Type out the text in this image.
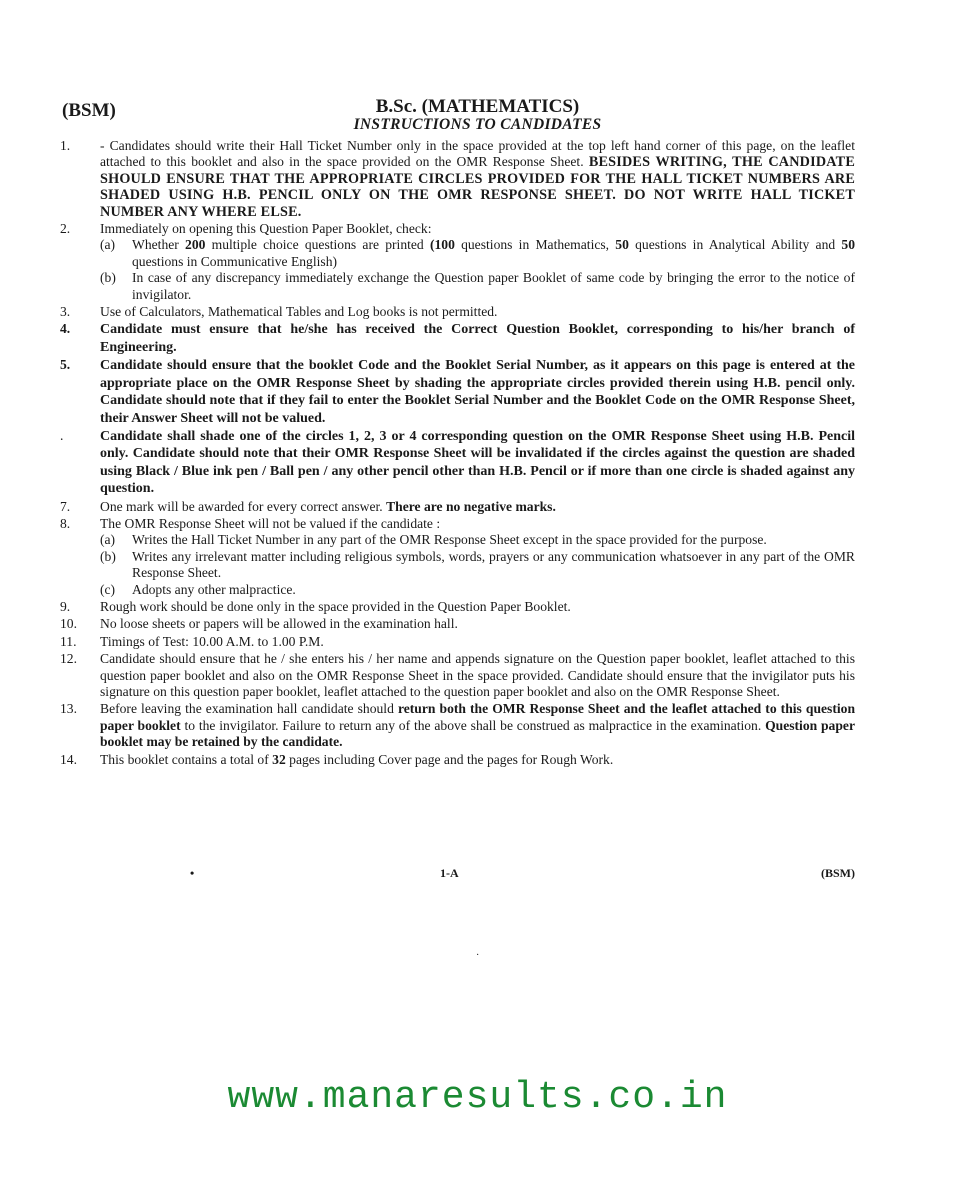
(BSM)	B.Sc. (MATHEMATICS)
INSTRUCTIONS TO CANDIDATES
1.	- Candidates should write their Hall Ticket Number only in the space provided at the top left hand corner of this page, on the leaflet attached to this booklet and also in the space provided on the OMR Response Sheet. BESIDES WRITING, THE CANDIDATE SHOULD ENSURE THAT THE APPROPRIATE CIRCLES PROVIDED FOR THE HALL TICKET NUMBERS ARE SHADED USING H.B. PENCIL ONLY ON THE OMR RESPONSE SHEET. DO NOT WRITE HALL TICKET NUMBER ANY WHERE ELSE.
2.	Immediately on opening this Question Paper Booklet, check:
(a) Whether 200 multiple choice questions are printed (100 questions in Mathematics, 50 questions in Analytical Ability and 50 questions in Communicative English)
(b) In case of any discrepancy immediately exchange the Question paper Booklet of same code by bringing the error to the notice of invigilator.
3.	Use of Calculators, Mathematical Tables and Log books is not permitted.
4.	Candidate must ensure that he/she has received the Correct Question Booklet, corresponding to his/her branch of Engineering.
5.	Candidate should ensure that the booklet Code and the Booklet Serial Number, as it appears on this page is entered at the appropriate place on the OMR Response Sheet by shading the appropriate circles provided therein using H.B. pencil only. Candidate should note that if they fail to enter the Booklet Serial Number and the Booklet Code on the OMR Response Sheet, their Answer Sheet will not be valued.
.	Candidate shall shade one of the circles 1, 2, 3 or 4 corresponding question on the OMR Response Sheet using H.B. Pencil only. Candidate should note that their OMR Response Sheet will be invalidated if the circles against the question are shaded using Black / Blue ink pen / Ball pen / any other pencil other than H.B. Pencil or if more than one circle is shaded against any question.
7.	One mark will be awarded for every correct answer. There are no negative marks.
8.	The OMR Response Sheet will not be valued if the candidate :
(a) Writes the Hall Ticket Number in any part of the OMR Response Sheet except in the space provided for the purpose.
(b) Writes any irrelevant matter including religious symbols, words, prayers or any communication whatsoever in any part of the OMR Response Sheet.
(c) Adopts any other malpractice.
9.	Rough work should be done only in the space provided in the Question Paper Booklet.
10.	No loose sheets or papers will be allowed in the examination hall.
11.	Timings of Test: 10.00 A.M. to 1.00 P.M.
12.	Candidate should ensure that he / she enters his / her name and appends signature on the Question paper booklet, leaflet attached to this question paper booklet and also on the OMR Response Sheet in the space provided. Candidate should ensure that the invigilator puts his signature on this question paper booklet, leaflet attached to the question paper booklet and also on the OMR Response Sheet.
13.	Before leaving the examination hall candidate should return both the OMR Response Sheet and the leaflet attached to this question paper booklet to the invigilator. Failure to return any of the above shall be construed as malpractice in the examination. Question paper booklet may be retained by the candidate.
14.	This booklet contains a total of 32 pages including Cover page and the pages for Rough Work.
•	1-A	(BSM)
·
www.manaresults.co.in
